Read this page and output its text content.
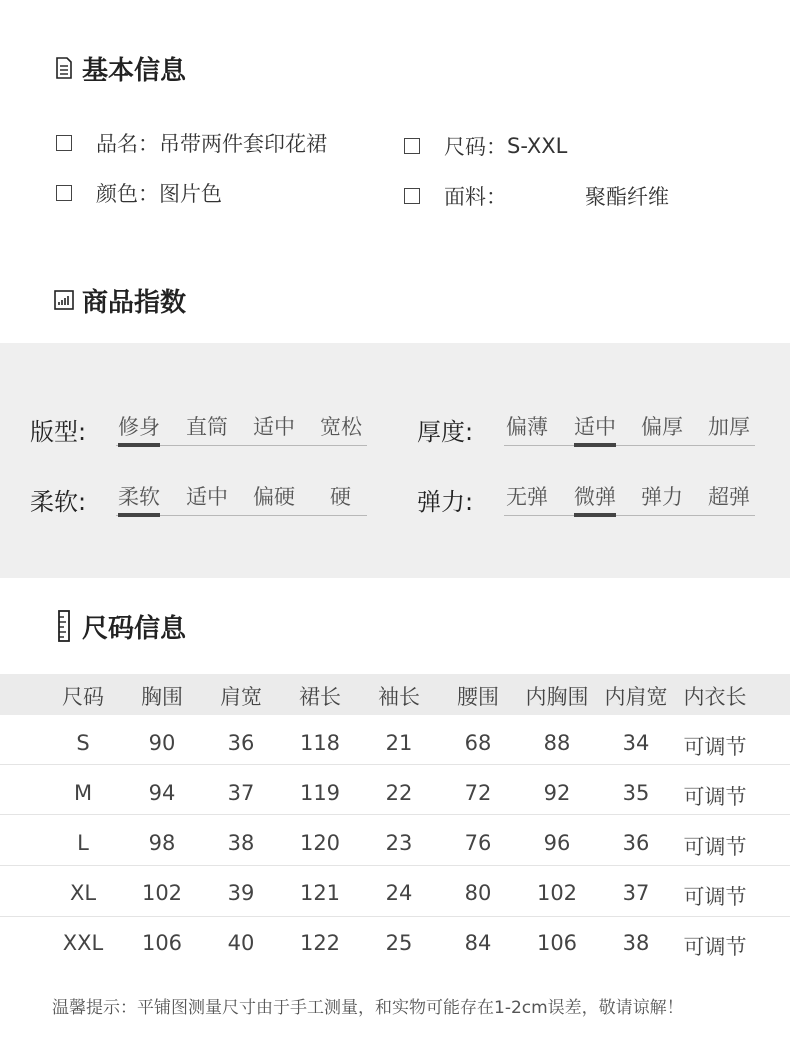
基本信息
品名： 吊带两件套印花裙	尺码： S-XXL
颜色： 图片色	面料：	聚酯纤维
商品指数
版型: 修身 直筒 适中 宽松 厚度: 偏薄 适中 偏厚 加厚
柔软: 柔软 适中 偏硬 硬	弹力: 无弹 微弹 弹力 超弹
尺码信息
尺码 胸围 肩宽 裙长 袖长 腰围 内胸围 内肩宽 内衣长
S	90 36 118 21 68 88 34 可调节
M	94 37 119 22 72 92 35 可调节
L	98 38 120 23 76 96 36 可调节
XL 102 39 121 24 80 102 37 可调节
XXL 106 40 122 25 84 106 38 可调节
温馨提示：平铺图测量尺寸由于手工测量，和实物可能存在1-2cm误差，敬请谅解！
